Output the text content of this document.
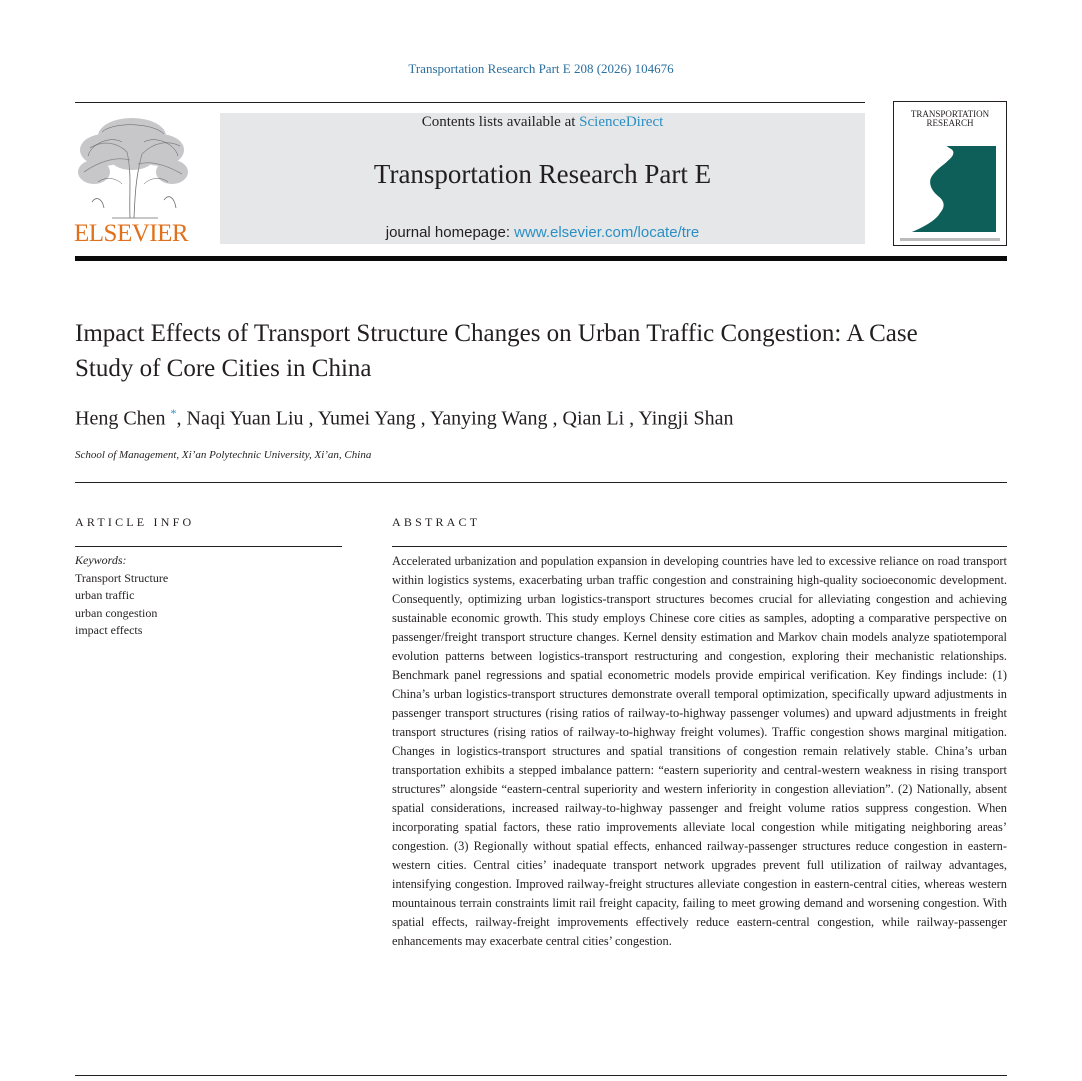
Transportation Research Part E 208 (2026) 104676
ELSEVIER
Contents lists available at ScienceDirect
Transportation Research Part E
journal homepage: www.elsevier.com/locate/tre
TRANSPORTATION
RESEARCH
Impact Effects of Transport Structure Changes on Urban Traffic Congestion: A Case Study of Core Cities in China
Heng Chen *, Naqi Yuan Liu , Yumei Yang , Yanying Wang , Qian Li , Yingji Shan
School of Management, Xi’an Polytechnic University, Xi’an, China
ARTICLE INFO	ABSTRACT
Keywords:
Transport Structure
urban traffic
urban congestion
impact effects

Accelerated urbanization and population expansion in developing countries have led to excessive reliance on road transport within logistics systems, exacerbating urban traffic congestion and constraining high-quality socioeconomic development. Consequently, optimizing urban logistics-transport structures becomes crucial for alleviating congestion and achieving sustainable economic growth. This study employs Chinese core cities as samples, adopting a comparative perspective on passenger/freight transport structure changes. Kernel density estimation and Markov chain models analyze spatiotemporal evolution patterns between logistics-transport restructuring and congestion, exploring their mechanistic relationships. Benchmark panel regressions and spatial econometric models provide empirical verification. Key findings include: (1) China’s urban logistics-transport structures demonstrate overall temporal optimization, specifically upward adjustments in passenger transport structures (rising ratios of railway-to-highway passenger volumes) and upward adjustments in freight transport structures (rising ratios of railway-to-highway freight volumes). Traffic congestion shows marginal mitigation. Changes in logistics-transport structures and spatial transitions of congestion remain relatively stable. China’s urban transportation exhibits a stepped imbalance pattern: “eastern superiority and central-western weakness in rising transport structures” alongside “eastern-central superiority and western inferiority in congestion alleviation”. (2) Nationally, absent spatial considerations, increased railway-to-highway passenger and freight volume ratios suppress congestion. When incorporating spatial factors, these ratio improvements alleviate local congestion while mitigating neighboring areas’ congestion. (3) Regionally without spatial effects, enhanced railway-passenger structures reduce congestion in eastern-western cities. Central cities’ inadequate transport network upgrades prevent full utilization of railway advantages, intensifying congestion. Improved railway-freight structures alleviate congestion in eastern-central cities, whereas western mountainous terrain constraints limit rail freight capacity, failing to meet growing demand and worsening congestion. With spatial effects, railway-freight improvements effectively reduce eastern-central congestion, while railway-passenger enhancements may exacerbate central cities’ congestion.
